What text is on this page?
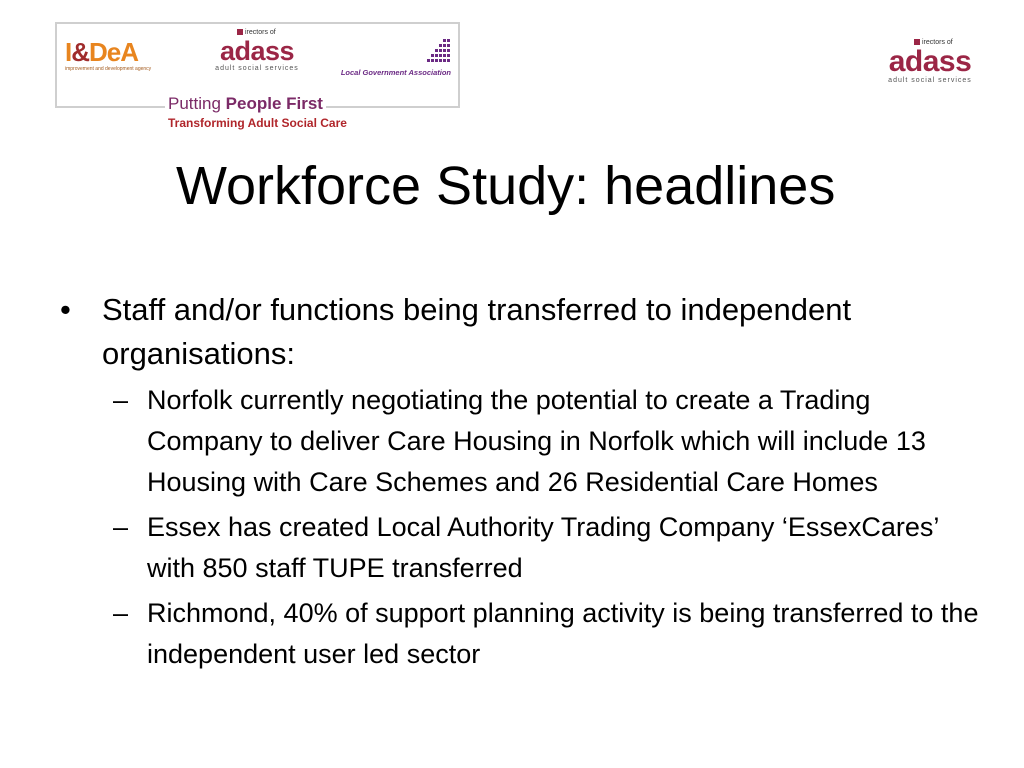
I&DeA
improvement and development agency
irectors of
adass
adult social services	Local Government Association
Putting People First
Transforming Adult Social Care
irectors of
adass
adult social services
Workforce Study: headlines
• Staff and/or functions being transferred to independent organisations:
– Norfolk currently negotiating the potential to create a Trading Company to deliver Care Housing in Norfolk which will include 13 Housing with Care Schemes and 26 Residential Care Homes
– Essex has created Local Authority Trading Company ‘EssexCares’ with 850 staff TUPE transferred
– Richmond, 40% of support planning activity is being transferred to the independent user led sector
